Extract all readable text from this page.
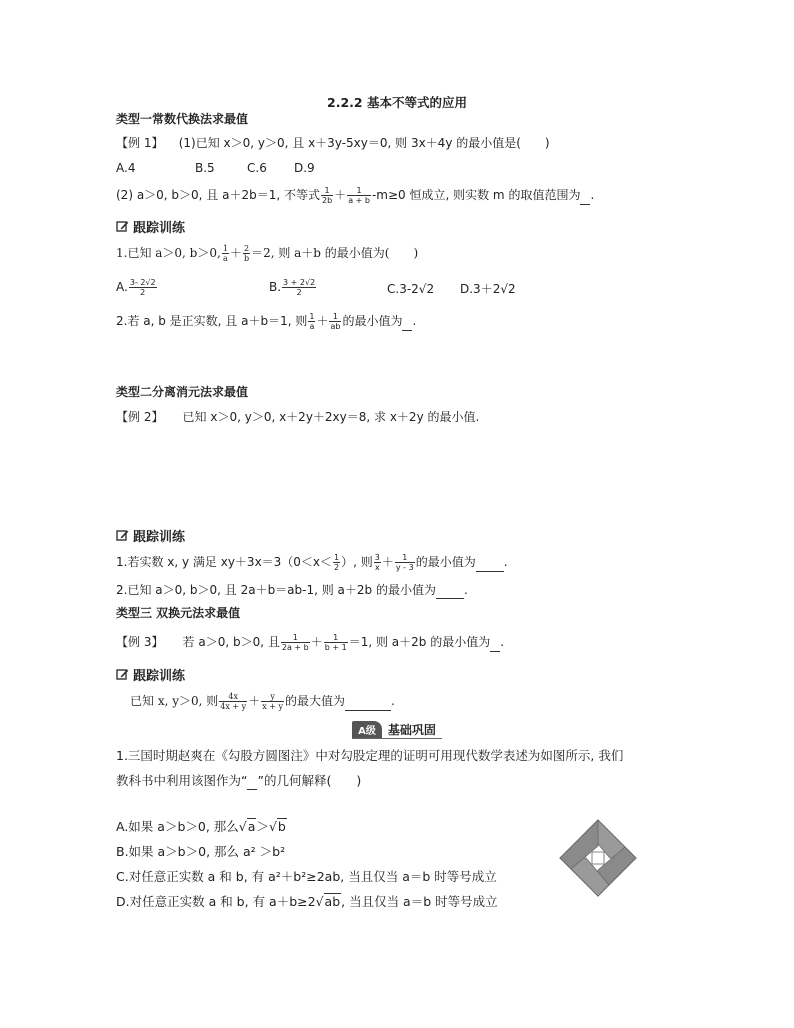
2.2.2 基本不等式的应用
类型一常数代换法求最值
【例 1】 (1)已知 x＞0, y＞0, 且 x＋3y-5xy＝0, 则 3x＋4y 的最小值是(　　)
A.4	B.5	C.6 D.9
(2) a＞0, b＞0, 且 a＋2b＝1, 不等式 $\frac{1}{2b} + \frac{1}{a + b} -m\ge 0$ 恒成立, 则实数 m 的取值范围为 .
跟踪训练
1.已知 a＞0, b＞0, $\frac{1}{a} + \frac{2}{b} =2$, 则 a＋b 的最小值为(　　)
A. $\frac{3- 2√2}{2}$	B. $\frac{3 + 2√2}{2}$	C.3-2√2 D.3＋2√2
2.若 a, b 是正实数, 且 a＋b＝1, 则 $\frac{1}{a} + \frac{1}{ab}$ 的最小值为 .
类型二分离消元法求最值
【例 2】 已知 x＞0, y＞0, x＋2y＋2xy＝8, 求 x＋2y 的最小值.
跟踪训练
1.若实数 x, y 满足 $xy+3x=3(0<x< \frac{1}{2}$ ）, 则 $\frac{3}{x} + \frac{1}{y - 3}$ 的最小值为 .
2.已知 a＞0, b＞0, 且 2a＋b＝ab-1, 则 a＋2b 的最小值为 .
类型三 双换元法求最值
【例 3】 若 a＞0, b＞0, 且 $\frac{1}{2a + b} + \frac{1}{b + 1} =1$, 则 a＋2b 的最小值为 .
跟踪训练
已知 x, y＞0, 则 $\frac{4x}{4x + y} + \frac{y}{x + y}$ 的最大值为	.
A级	基础巩固
1.三国时期赵爽在《勾股方圆图注》中对勾股定理的证明可用现代数学表述为如图所示, 我们
教科书中利用该图作为“ ”的几何解释(　　)
A.如果 a＞b＞0, 那么√a＞√b
B.如果 a＞b＞0, 那么 a² ＞b²
C.对任意正实数 a 和 b, 有 a²＋b²≥2ab, 当且仅当 a＝b 时等号成立
D.对任意正实数 a 和 b, 有 a＋b≥2√ab, 当且仅当 a＝b 时等号成立
